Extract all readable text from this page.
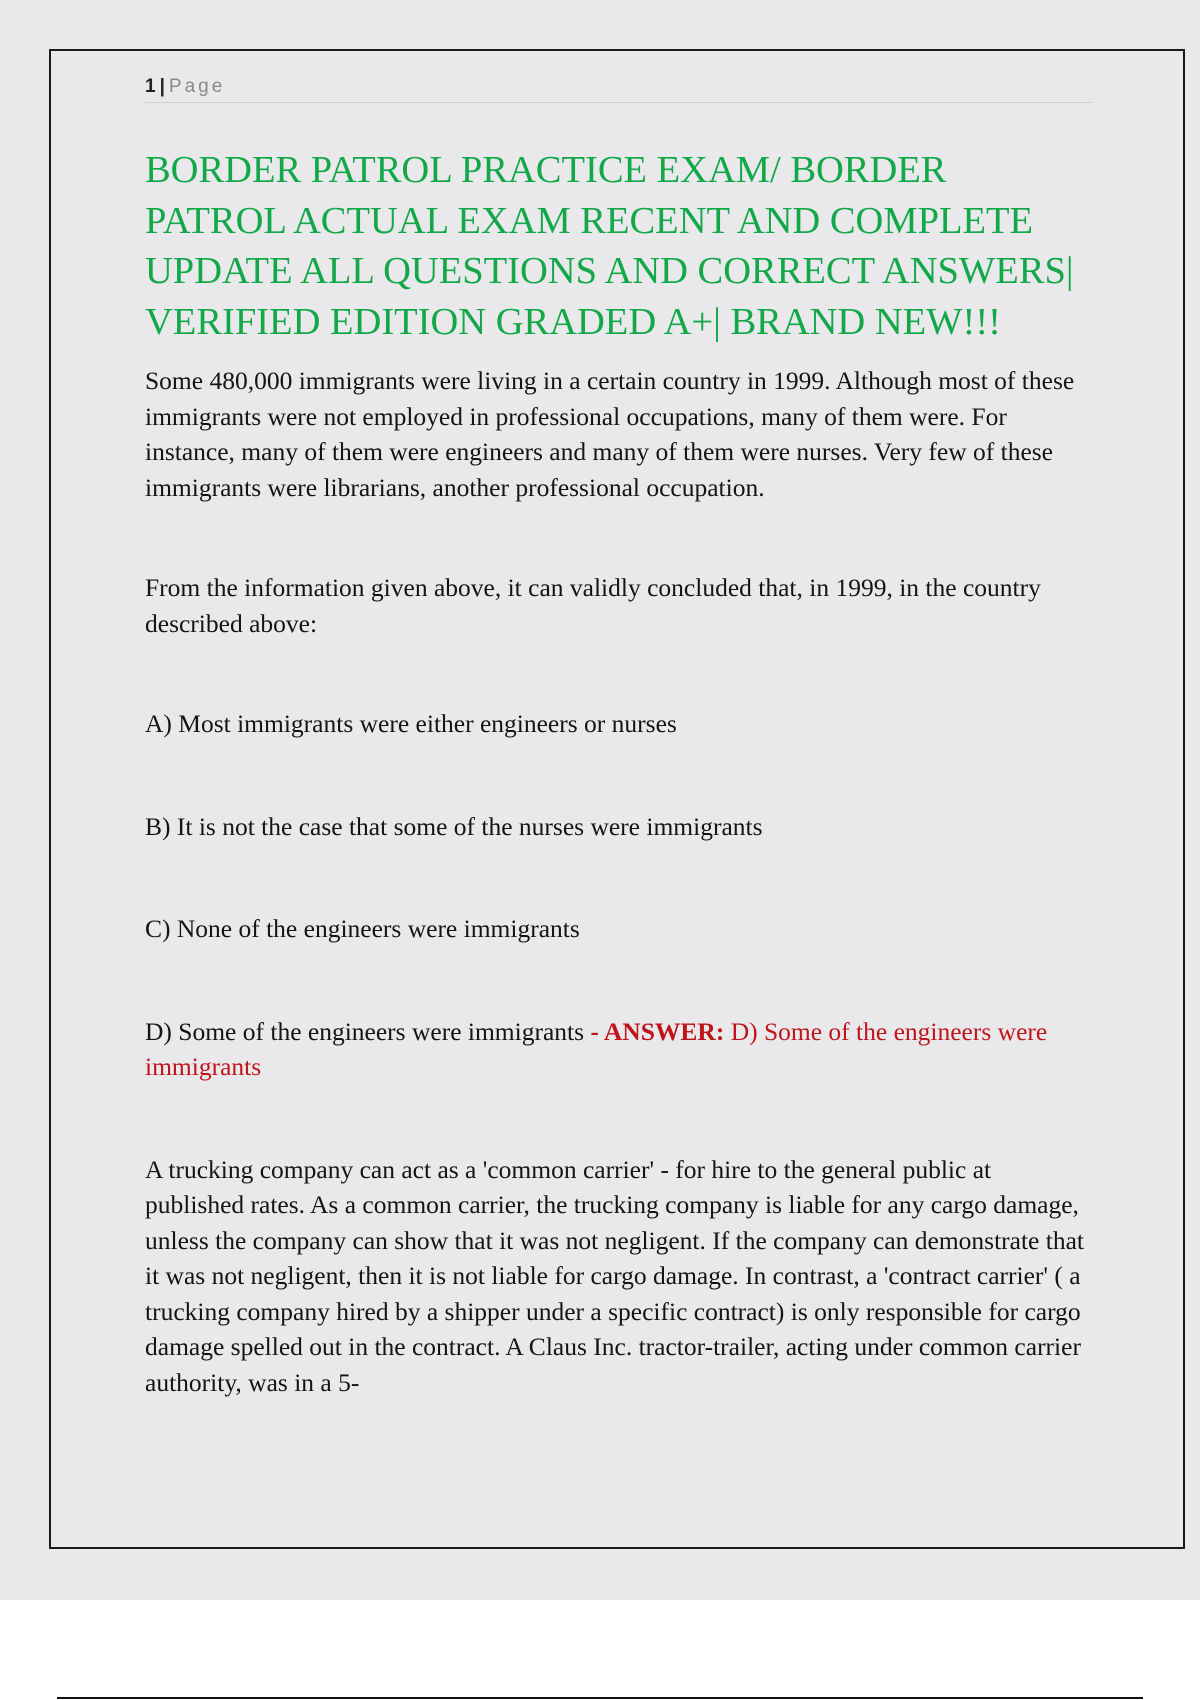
1 | Page
BORDER PATROL PRACTICE EXAM/ BORDER PATROL ACTUAL EXAM RECENT AND COMPLETE UPDATE ALL QUESTIONS AND CORRECT ANSWERS| VERIFIED EDITION GRADED A+| BRAND NEW!!!

Some 480,000 immigrants were living in a certain country in 1999. Although most of these immigrants were not employed in professional occupations, many of them were. For instance, many of them were engineers and many of them were nurses. Very few of these immigrants were librarians, another professional occupation.

From the information given above, it can validly concluded that, in 1999, in the country described above:

A) Most immigrants were either engineers or nurses

B) It is not the case that some of the nurses were immigrants

C) None of the engineers were immigrants

D) Some of the engineers were immigrants - ANSWER: D) Some of the engineers were immigrants

A trucking company can act as a 'common carrier' - for hire to the general public at published rates. As a common carrier, the trucking company is liable for any cargo damage, unless the company can show that it was not negligent. If the company can demonstrate that it was not negligent, then it is not liable for cargo damage. In contrast, a 'contract carrier' ( a trucking company hired by a shipper under a specific contract) is only responsible for cargo damage spelled out in the contract. A Claus Inc. tractor-trailer, acting under common carrier authority, was in a 5-
